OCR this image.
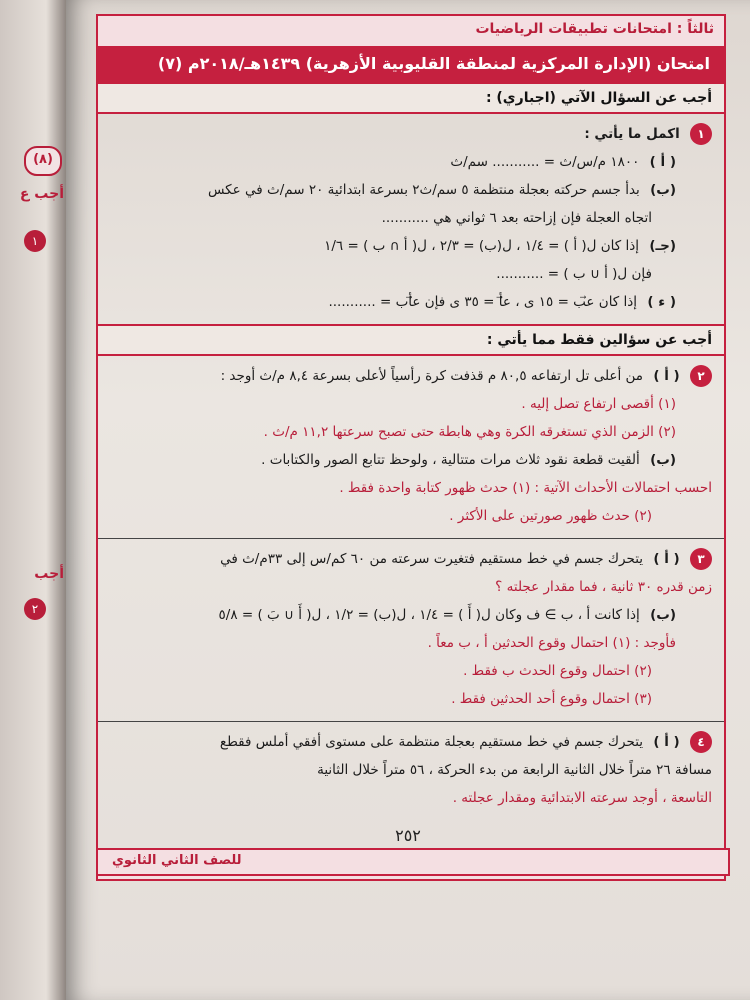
(٨)
أجب ع
١
أجب
٢
ثالثاً : امتحانات تطبيقات الرياضيات
(٧) امتحان (الإدارة المركزية لمنطقة القليوبية الأزهرية) ١٤٣٩هـ/٢٠١٨م
أجب عن السؤال الآتي (اجباري) :
١ اكمل ما يأتي :
( أ ) ١٨٠٠ م/س/ث = ........... سم/ث
(ب) بدأ جسم حركته بعجلة منتظمة ٥ سم/ث٢ بسرعة ابتدائية ٢٠ سم/ث في عكس
اتجاه العجلة فإن إزاحته بعد ٦ ثواني هي ...........
(جـ) إذا كان ل( أ ) = ١/٤ ، ل(ب) = ٢/٣ ، ل( أ ∩ ب ) = ١/٦
فإن ل( أ ∪ ب ) = ...........
( ء ) إذا كان ع⃗ب = ١٥ ى ، ع⃗أ = ٣٥ ى فإن ع⃗أب = ...........
أجب عن سؤالين فقط مما يأتي :
٢ ( أ ) من أعلى تل ارتفاعه ٨٠,٥ م قذفت كرة رأسياً لأعلى بسرعة ٨,٤ م/ث أوجد :
(١) أقصى ارتفاع تصل إليه .
(٢) الزمن الذي تستغرقه الكرة وهي هابطة حتى تصبح سرعتها ١١,٢ م/ث .
(ب) ألقيت قطعة نقود ثلاث مرات متتالية ، ولوحظ تتابع الصور والكتابات .
احسب احتمالات الأحداث الآتية : (١) حدث ظهور كتابة واحدة فقط .
(٢) حدث ظهور صورتين على الأكثر .
٣ ( أ ) يتحرك جسم في خط مستقيم فتغيرت سرعته من ٦٠ كم/س إلى ٣٣م/ث في
زمن قدره ٣٠ ثانية ، فما مقدار عجلته ؟
(ب) إذا كانت أ ، ب ∋ ف وكان ل( أَ ) = ١/٤ ، ل(ب) = ١/٢ ، ل( أَ ∪ بَ ) = ٥/٨
فأوجد : (١) احتمال وقوع الحدثين أ ، ب معاً .
(٢) احتمال وقوع الحدث ب فقط .
(٣) احتمال وقوع أحد الحدثين فقط .
٤ ( أ ) يتحرك جسم في خط مستقيم بعجلة منتظمة على مستوى أفقي أملس فقطع
مسافة ٢٦ متراً خلال الثانية الرابعة من بدء الحركة ، ٥٦ متراً خلال الثانية
التاسعة ، أوجد سرعته الابتدائية ومقدار عجلته .
٢٥٢
للصف الثاني الثانوي
